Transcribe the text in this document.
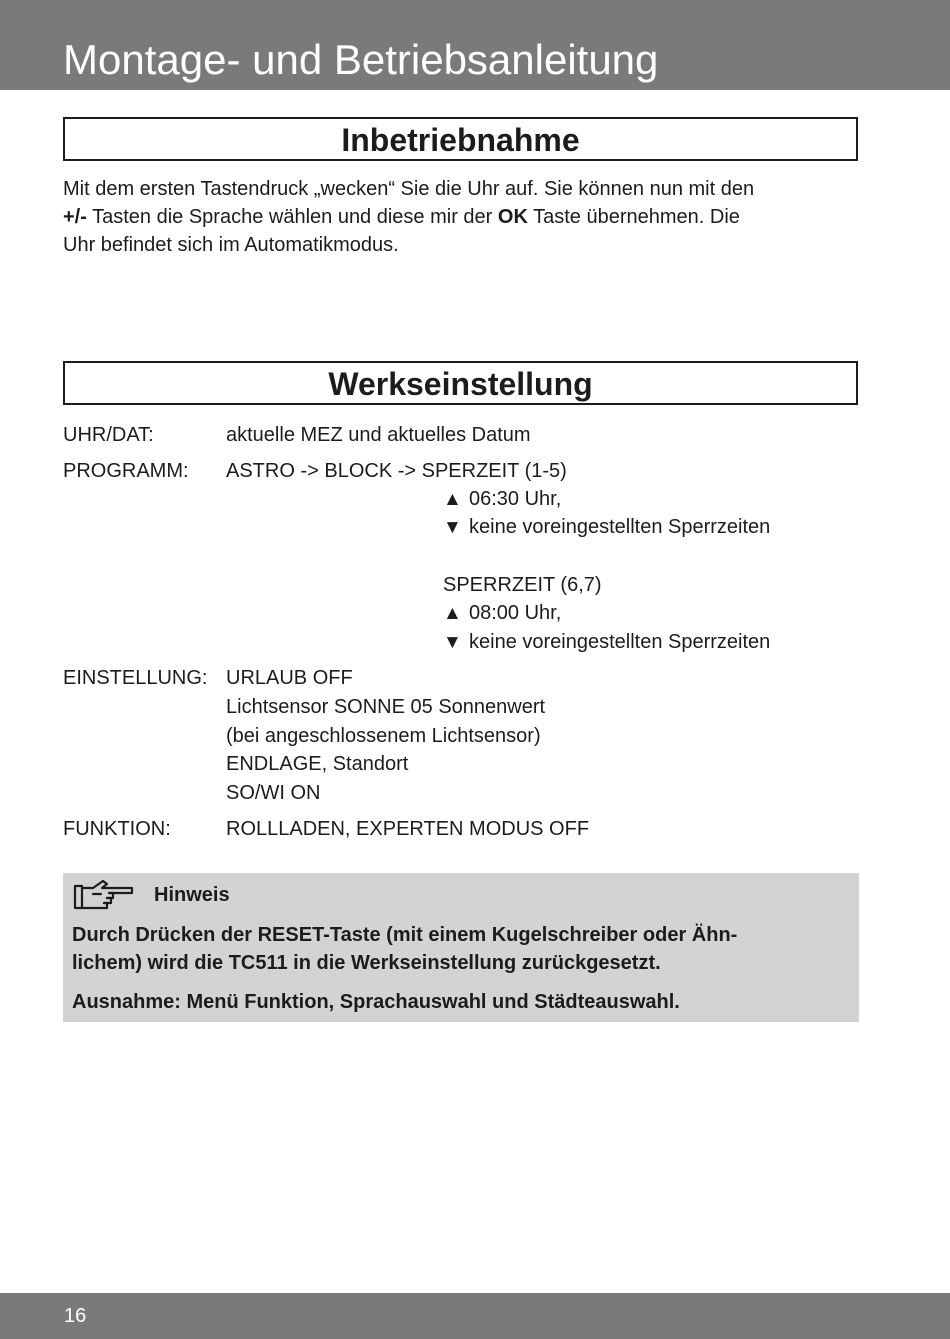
Montage- und Betriebsanleitung
Inbetriebnahme
Mit dem ersten Tastendruck „wecken“ Sie die Uhr auf. Sie können nun mit den
+/- Tasten die Sprache wählen und diese mir der OK Taste übernehmen. Die
Uhr befindet sich im Automatikmodus.
Werkseinstellung
UHR/DAT:	aktuelle MEZ und aktuelles Datum
PROGRAMM: ASTRO -> BLOCK -> SPERZEIT (1-5)
▲ 06:30 Uhr,
▼ keine voreingestellten Sperrzeiten
SPERRZEIT (6,7)
▲ 08:00 Uhr,
▼ keine voreingestellten Sperrzeiten
EINSTELLUNG: URLAUB OFF
Lichtsensor SONNE 05 Sonnenwert
(bei angeschlossenem Lichtsensor)
ENDLAGE, Standort
SO/WI ON
FUNKTION:	ROLLLADEN, EXPERTEN MODUS OFF
Hinweis
Durch Drücken der RESET-Taste (mit einem Kugelschreiber oder Ähn-
lichem) wird die TC511 in die Werkseinstellung zurückgesetzt.
Ausnahme: Menü Funktion, Sprachauswahl und Städteauswahl.
16
